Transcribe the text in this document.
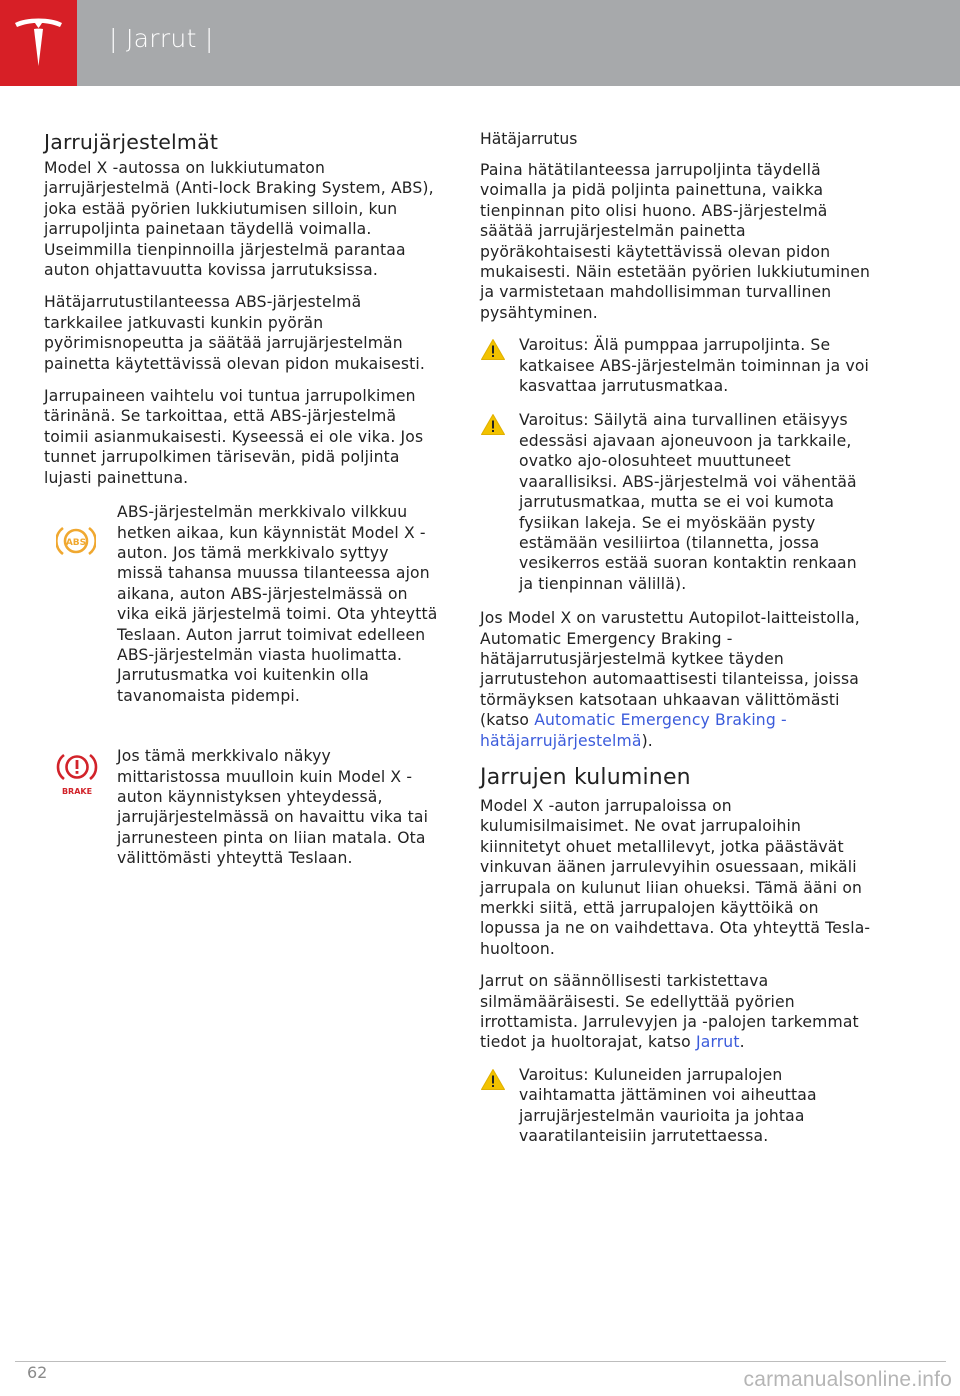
| Jarrut |
Jarrujärjestelmät

Model X -autossa on lukkiutumaton jarrujärjestelmä (Anti-lock Braking System, ABS), joka estää pyörien lukkiutumisen silloin, kun jarrupoljinta painetaan täydellä voimalla. Useimmilla tienpinnoilla järjestelmä parantaa auton ohjattavuutta kovissa jarrutuksissa.

Hätäjarrutustilanteessa ABS-järjestelmä tarkkailee jatkuvasti kunkin pyörän pyörimisnopeutta ja säätää jarrujärjestelmän painetta käytettävissä olevan pidon mukaisesti.

Jarrupaineen vaihtelu voi tuntua jarrupolkimen tärinänä. Se tarkoittaa, että ABS-järjestelmä toimii asianmukaisesti. Kyseessä ei ole vika. Jos tunnet jarrupolkimen tärisevän, pidä poljinta lujasti painettuna.

ABS

ABS-järjestelmän merkkivalo vilkkuu hetken aikaa, kun käynnistät Model X -auton. Jos tämä merkkivalo syttyy missä tahansa muussa tilanteessa ajon aikana, auton ABS-järjestelmässä on vika eikä järjestelmä toimi. Ota yhteyttä Teslaan. Auton jarrut toimivat edelleen ABS-järjestelmän viasta huolimatta. Jarrutusmatka voi kuitenkin olla tavanomaista pidempi.

BRAKE

Jos tämä merkkivalo näkyy mittaristossa muulloin kuin Model X -auton käynnistyksen yhteydessä, jarrujärjestelmässä on havaittu vika tai jarrunesteen pinta on liian matala. Ota välittömästi yhteyttä Teslaan.

Hätäjarrutus

Paina hätätilanteessa jarrupoljinta täydellä voimalla ja pidä poljinta painettuna, vaikka tienpinnan pito olisi huono. ABS-järjestelmä säätää jarrujärjestelmän painetta pyöräkohtaisesti käytettävissä olevan pidon mukaisesti. Näin estetään pyörien lukkiutuminen ja varmistetaan mahdollisimman turvallinen pysähtyminen.

Varoitus: Älä pumppaa jarrupoljinta. Se katkaisee ABS-järjestelmän toiminnan ja voi kasvattaa jarrutusmatkaa.

Varoitus: Säilytä aina turvallinen etäisyys edessäsi ajavaan ajoneuvoon ja tarkkaile, ovatko ajo-olosuhteet muuttuneet vaarallisiksi. ABS-järjestelmä voi vähentää jarrutusmatkaa, mutta se ei voi kumota fysiikan lakeja. Se ei myöskään pysty estämään vesiliirtoa (tilannetta, jossa vesikerros estää suoran kontaktin renkaan ja tienpinnan välillä).

Jos Model X on varustettu Autopilot-laitteistolla, Automatic Emergency Braking -hätäjarrutusjärjestelmä kytkee täyden jarrutustehon automaattisesti tilanteissa, joissa törmäyksen katsotaan uhkaavan välittömästi (katso Automatic Emergency Braking - hätäjarrujärjestelmä).

Jarrujen kuluminen

Model X -auton jarrupaloissa on kulumisilmaisimet. Ne ovat jarrupaloihin kiinnitetyt ohuet metallilevyt, jotka päästävät vinkuvan äänen jarrulevyihin osuessaan, mikäli jarrupala on kulunut liian ohueksi. Tämä ääni on merkki siitä, että jarrupalojen käyttöikä on lopussa ja ne on vaihdettava. Ota yhteyttä Tesla-huoltoon.

Jarrut on säännöllisesti tarkistettava silmämääräisesti. Se edellyttää pyörien irrottamista. Jarrulevyjen ja -palojen tarkemmat tiedot ja huoltorajat, katso Jarrut.

Varoitus: Kuluneiden jarrupalojen vaihtamatta jättäminen voi aiheuttaa jarrujärjestelmän vaurioita ja johtaa vaaratilanteisiin jarrutettaessa.

62	carmanualsonline.info
